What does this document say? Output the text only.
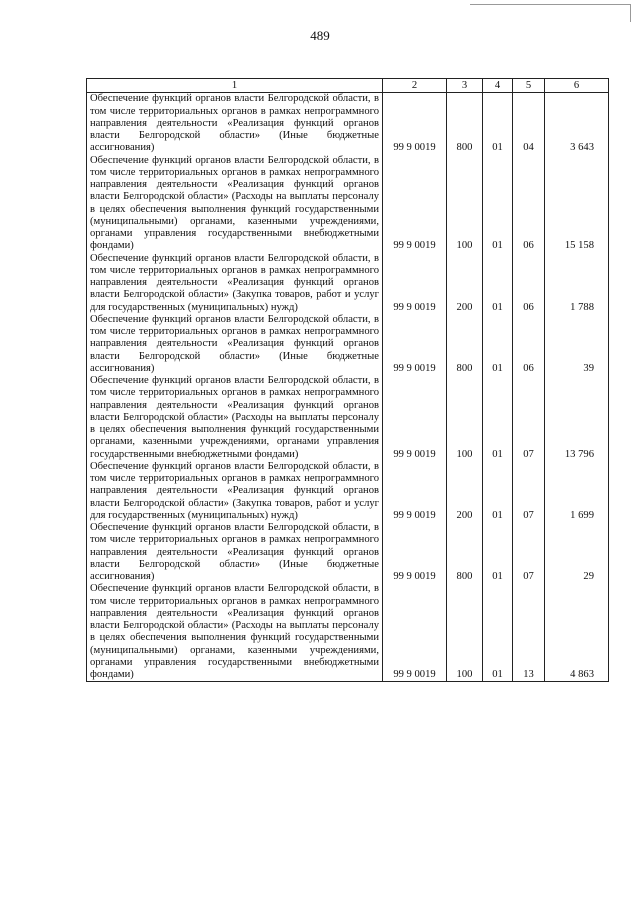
489
1	2	3	4	5	6
Обеспечение функций органов власти Белгородской области, в том числе территориальных органов в рамках непрограммного направления деятельности «Реализация функций органов власти Белгородской области» (Иные бюджетные ассигнования)	99 9 0019	800	01	04	3 643
Обеспечение функций органов власти Белгородской области, в том числе территориальных органов в рамках непрограммного направления деятельности «Реализация функций органов власти Белгородской области» (Расходы на выплаты персоналу в целях обеспечения выполнения функций государственными (муниципальными) органами, казенными учреждениями, органами управления государственными внебюджетными фондами)	99 9 0019	100	01	06	15 158
Обеспечение функций органов власти Белгородской области, в том числе территориальных органов в рамках непрограммного направления деятельности «Реализация функций органов власти Белгородской области» (Закупка товаров, работ и услуг для государственных (муниципальных) нужд)	99 9 0019	200	01	06	1 788
Обеспечение функций органов власти Белгородской области, в том числе территориальных органов в рамках непрограммного направления деятельности «Реализация функций органов власти Белгородской области» (Иные бюджетные ассигнования)	99 9 0019	800	01	06	39
Обеспечение функций органов власти Белгородской области, в том числе территориальных органов в рамках непрограммного направления деятельности «Реализация функций органов власти Белгородской области» (Расходы на выплаты персоналу в целях обеспечения выполнения функций государственными органами, казенными учреждениями, органами управления государственными внебюджетными фондами)	99 9 0019	100	01	07	13 796
Обеспечение функций органов власти Белгородской области, в том числе территориальных органов в рамках непрограммного направления деятельности «Реализация функций органов власти Белгородской области» (Закупка товаров, работ и услуг для государственных (муниципальных) нужд)	99 9 0019	200	01	07	1 699
Обеспечение функций органов власти Белгородской области, в том числе территориальных органов в рамках непрограммного направления деятельности «Реализация функций органов власти Белгородской области» (Иные бюджетные ассигнования)	99 9 0019	800	01	07	29
Обеспечение функций органов власти Белгородской области, в том числе территориальных органов в рамках непрограммного направления деятельности «Реализация функций органов власти Белгородской области» (Расходы на выплаты персоналу в целях обеспечения выполнения функций государственными (муниципальными) органами, казенными учреждениями, органами управления государственными внебюджетными фондами)	99 9 0019	100	01	13	4 863
